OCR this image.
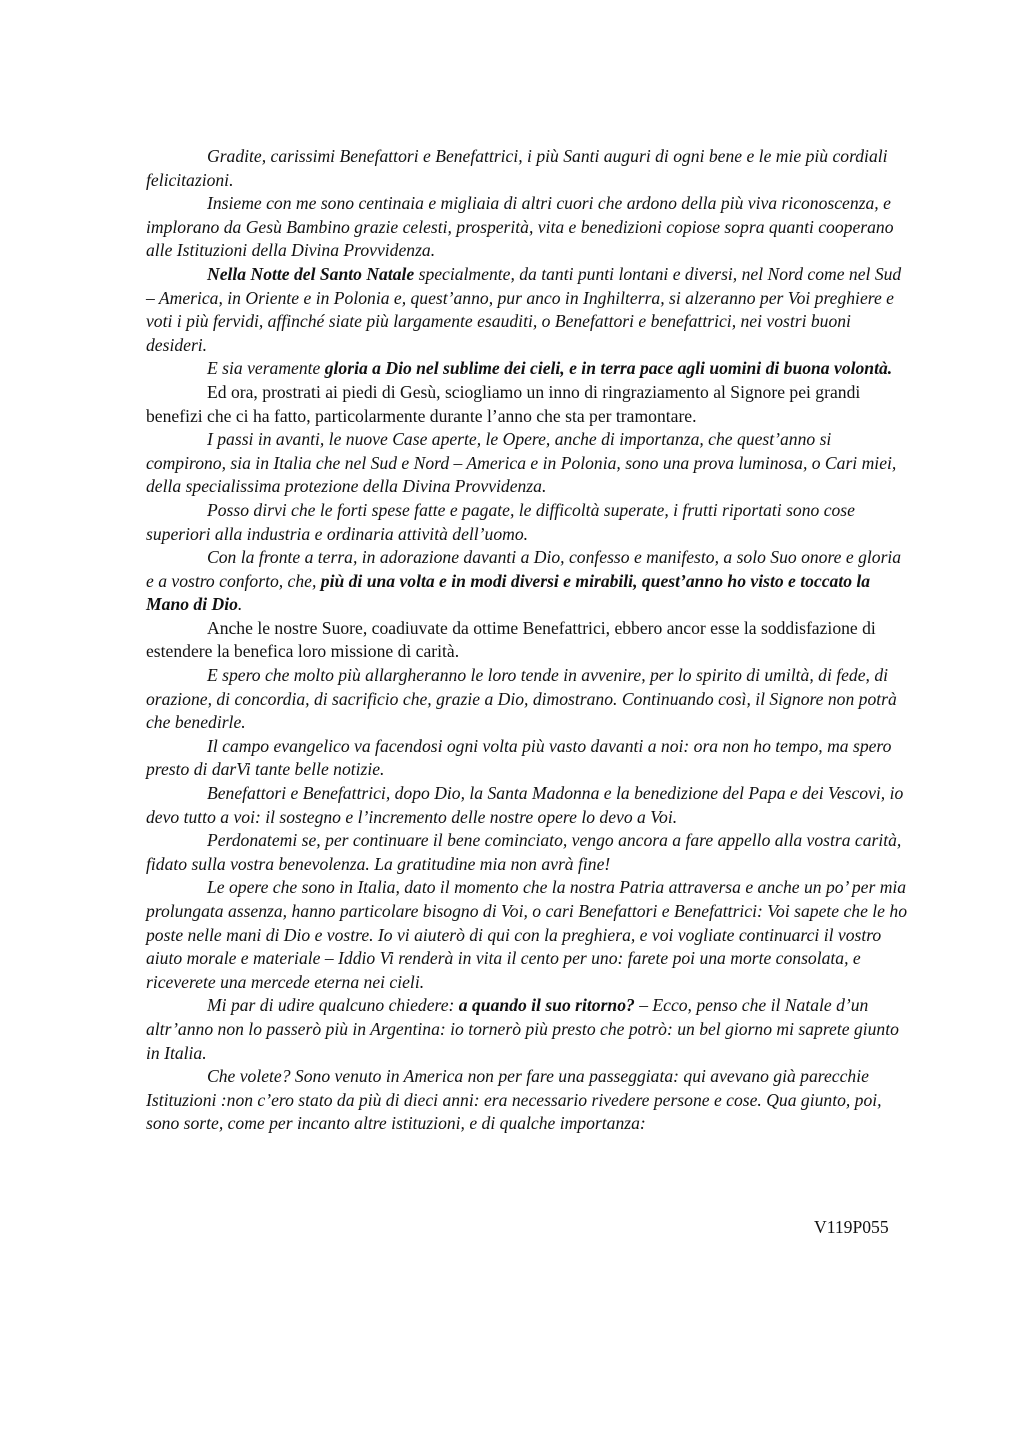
Gradite, carissimi Benefattori e Benefattrici, i più Santi auguri di ogni bene e le mie più cordiali felicitazioni.

Insieme con me sono centinaia e migliaia di altri cuori che ardono della più viva riconoscenza, e implorano da Gesù Bambino grazie celesti, prosperità, vita e benedizioni copiose sopra quanti cooperano alle Istituzioni della Divina Provvidenza.

Nella Notte del Santo Natale specialmente, da tanti punti lontani e diversi, nel Nord come nel Sud – America, in Oriente e in Polonia e, quest’anno, pur anco in Inghilterra, si alzeranno per Voi preghiere e voti i più fervidi, affinché siate più largamente esauditi, o Benefattori e benefattrici, nei vostri buoni desideri.

E sia veramente gloria a Dio nel sublime dei cieli, e in terra pace agli uomini di buona volontà.

Ed ora, prostrati ai piedi di Gesù, sciogliamo un inno di ringraziamento al Signore pei grandi benefizi che ci ha fatto, particolarmente durante l’anno che sta per tramontare.

I passi in avanti, le nuove Case aperte, le Opere, anche di importanza, che quest’anno si compirono, sia in Italia che nel Sud e Nord – America e in Polonia, sono una prova luminosa, o Cari miei, della specialissima protezione della Divina Provvidenza.

Posso dirvi che le forti spese fatte e pagate, le difficoltà superate, i frutti riportati sono cose superiori alla industria e ordinaria attività dell’uomo.

Con la fronte a terra, in adorazione davanti a Dio, confesso e manifesto, a solo Suo onore e gloria e a vostro conforto, che, più di una volta e in modi diversi e mirabili, quest’anno ho visto e toccato la Mano di Dio.

Anche le nostre Suore, coadiuvate da ottime Benefattrici, ebbero ancor esse la soddisfazione di estendere la benefica loro missione di carità.

E spero che molto più allargheranno le loro tende in avvenire, per lo spirito di umiltà, di fede, di orazione, di concordia, di sacrificio che, grazie a Dio, dimostrano. Continuando così, il Signore non potrà che benedirle.

Il campo evangelico va facendosi ogni volta più vasto davanti a noi: ora non ho tempo, ma spero presto di darVi tante belle notizie.

Benefattori e Benefattrici, dopo Dio, la Santa Madonna e la benedizione del Papa e dei Vescovi, io devo tutto a voi: il sostegno e l’incremento delle nostre opere lo devo a Voi.

Perdonatemi se, per continuare il bene cominciato, vengo ancora a fare appello alla vostra carità, fidato sulla vostra benevolenza. La gratitudine mia non avrà fine!

Le opere che sono in Italia, dato il momento che la nostra Patria attraversa e anche un po’ per mia prolungata assenza, hanno particolare bisogno di Voi, o cari Benefattori e Benefattrici: Voi sapete che le ho poste nelle mani di Dio e vostre. Io vi aiuterò di qui con la preghiera, e voi vogliate continuarci il vostro aiuto morale e materiale – Iddio Vi renderà in vita il cento per uno: farete poi una morte consolata, e riceverete una mercede eterna nei cieli.

Mi par di udire qualcuno chiedere: a quando il suo ritorno? – Ecco, penso che il Natale d’un altr’anno non lo passerò più in Argentina: io tornerò più presto che potrò: un bel giorno mi saprete giunto in Italia.

Che volete? Sono venuto in America non per fare una passeggiata: qui avevano già parecchie Istituzioni :non c’ero stato da più di dieci anni: era necessario rivedere persone e cose. Qua giunto, poi, sono sorte, come per incanto altre istituzioni, e di qualche importanza:

V119P055
